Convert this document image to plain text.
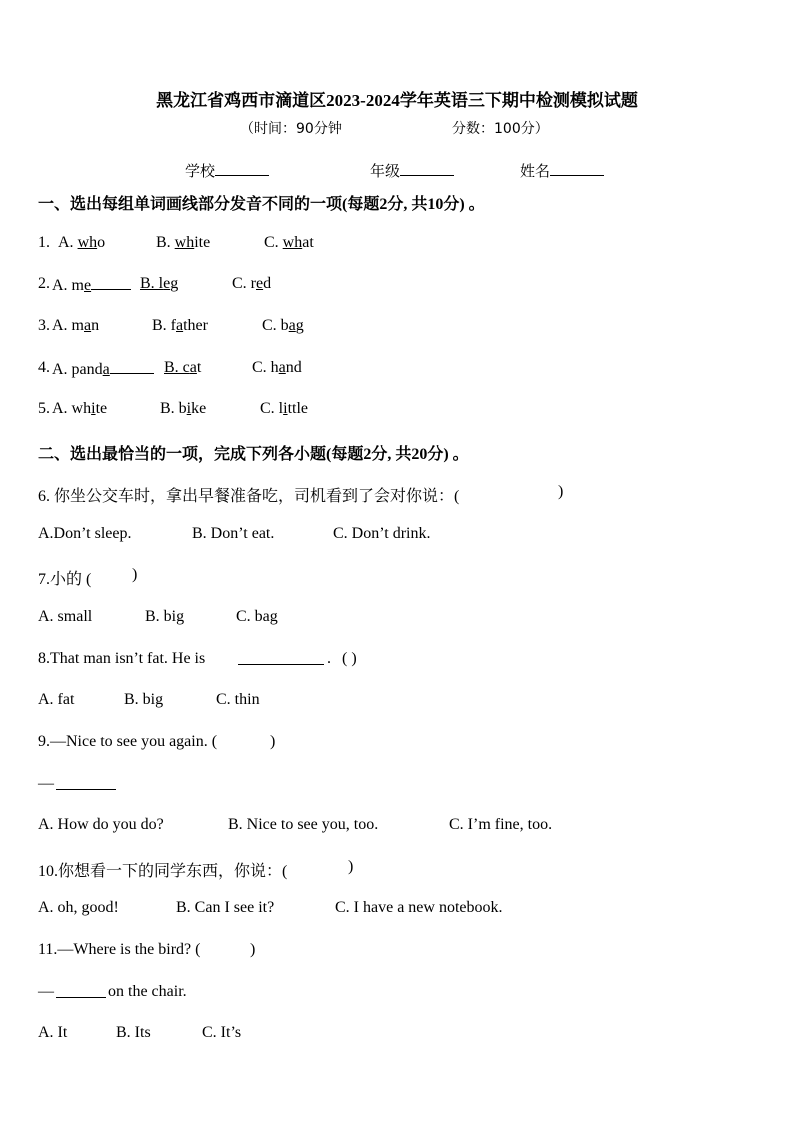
黑龙江省鸡西市滴道区2023-2024学年英语三下期中检测模拟试题
（时间：90分钟	分数：100分）
学校	年级	姓名
一、选出每组单词画线部分发音不同的一项(每题2分, 共10分) 。
1. A. who	B. white	C. what
2. A. me	B. leg	C. red
3. A. man	B. father	C. bag
4. A. panda	B. cat	C. hand
5. A. white	B. bike	C. little
二、选出最恰当的一项，完成下列各小题(每题2分, 共20分) 。
6. 你坐公交车时，拿出早餐准备吃，司机看到了会对你说：(	)
A.Don’t sleep.	B. Don’t eat.	C. Don’t drink.
7.小的 (	)
A. small	B. big	C. bag
8.That man isn’t fat. He is	. ( )
A. fat	B. big	C. thin
9.—Nice to see you again. (	)
—
A. How do you do?	B. Nice to see you, too.	C. I’m fine, too.
10.你想看一下的同学东西，你说：(	)
A. oh, good!	B. Can I see it?	C. I have a new notebook.
11.—Where is the bird? (	)
—	on the chair.
A. It	B. Its	C. It’s
